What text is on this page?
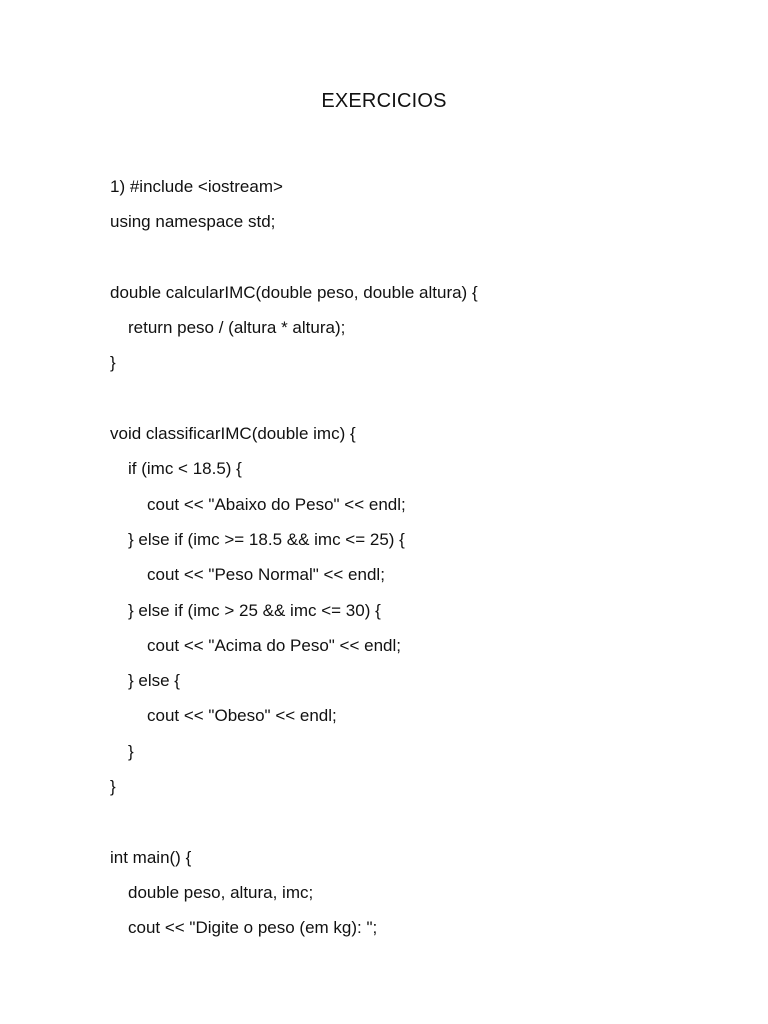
EXERCICIOS
1) #include <iostream>
using namespace std;
double calcularIMC(double peso, double altura) {
return peso / (altura * altura);
}
void classificarIMC(double imc) {
if (imc < 18.5) {
cout << "Abaixo do Peso" << endl;
} else if (imc >= 18.5 && imc <= 25) {
cout << "Peso Normal" << endl;
} else if (imc > 25 && imc <= 30) {
cout << "Acima do Peso" << endl;
} else {
cout << "Obeso" << endl;
}
}
int main() {
double peso, altura, imc;
cout << "Digite o peso (em kg): ";
